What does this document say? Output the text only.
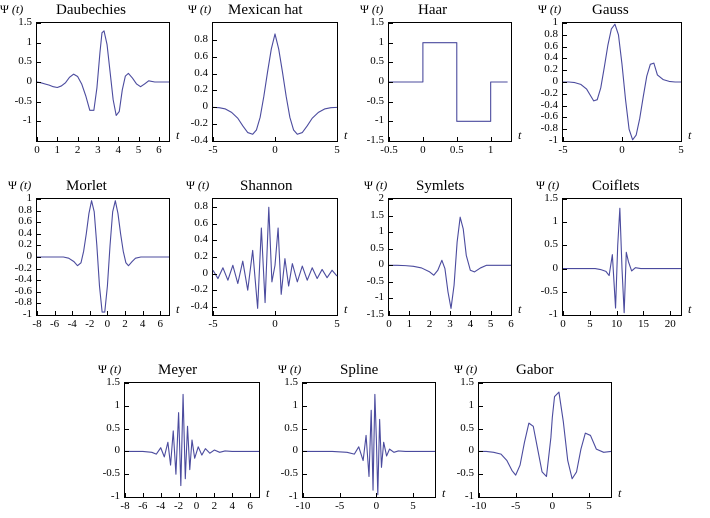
Daubechies
Ψ (t)
t
1.5
1
0.5
0
-0.5
-1
0	1	2	3	4	5	6
Mexican hat
Ψ (t)
t
0.8
0.6
0.4
0.2
0
-0.2
-0.4
-5	0	5
Haar
Ψ (t)
t
1.5
1
0.5
0
-0.5
-1
-1.5
-0.5	0	0.5	1
Gauss
Ψ (t)
t
1
0.8
0.6
0.4
0.2
0
-0.2
-0.4
-0.6
-0.8
-1
-5	0	5
Morlet
Ψ (t)
t
1
0.8
0.6
0.4
0.2
0
-0.2
-0.4
-0.6
-0.8
-1
-8 -6 -4 -2 0	2	4	6
Shannon
Ψ (t)
t
0.8
0.6
0.4
0.2
0
-0.2
-0.4
-5	0	5
Symlets
Ψ (t)
t
2
1.5
1
0.5
0
-0.5
-1
-1.5
0	1	2	3	4	5	6
Coiflets
Ψ (t)
t
1.5
1
0.5
0
-0.5
-1
0	5	10	15	20
Meyer
Ψ (t)
t
1.5
1
0.5
0
-0.5
-1
-8 -6 -4 -2 0	2	4	6
Spline
Ψ (t)
t
1.5
1
0.5
0
-0.5
-1
-10	-5	0	5
Gabor
Ψ (t)
t
1.5
1
0.5
0
-0.5
-1
-10	-5	0	5
